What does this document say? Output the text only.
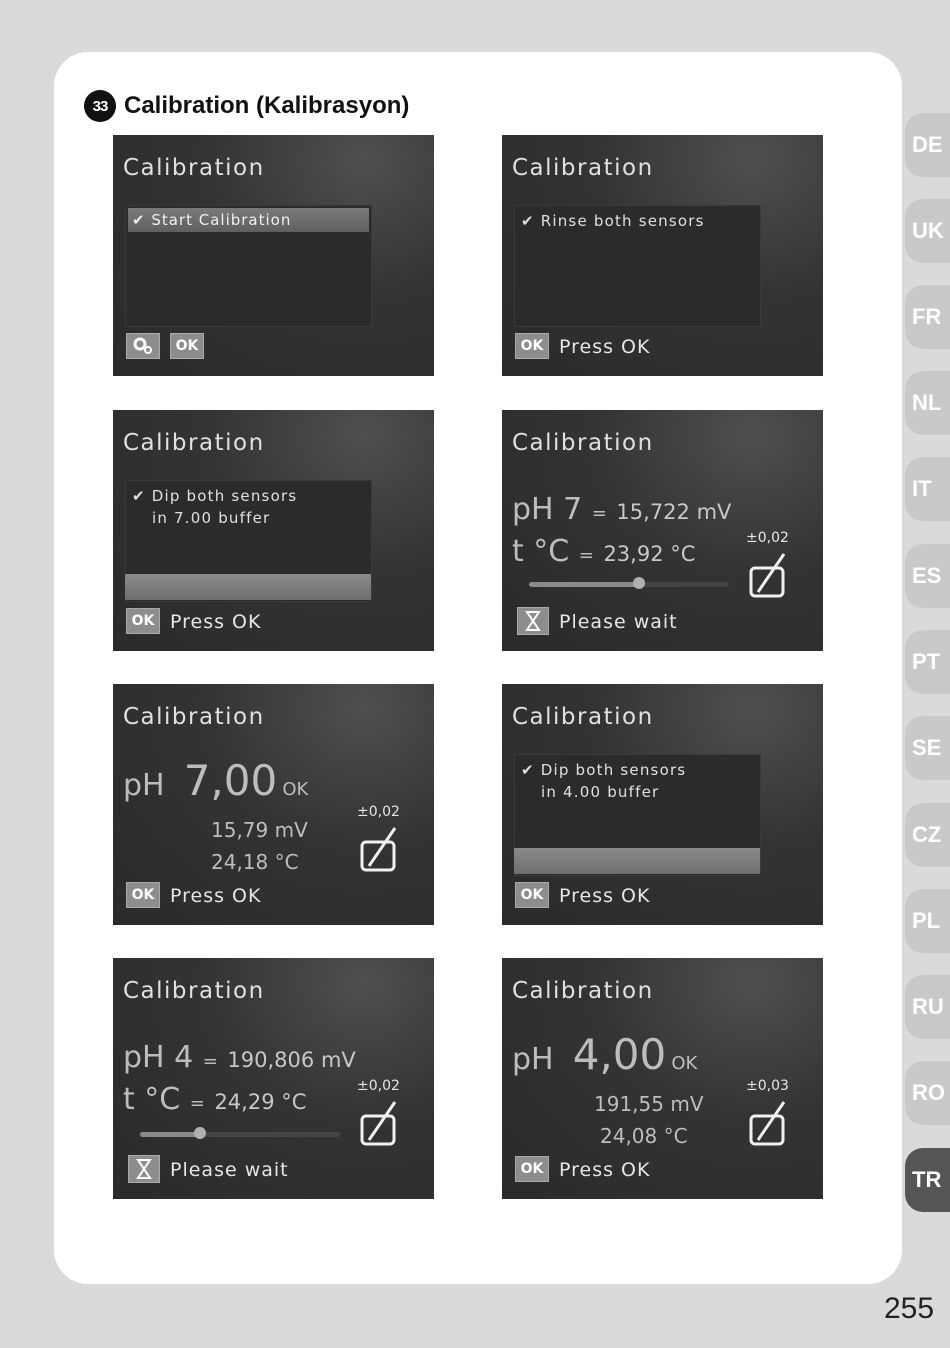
33 Calibration (Kalibrasyon)
Calibration
✔ Start Calibration
OK
Calibration
✔ Rinse both sensors
OK Press OK
Calibration
✔ Dip both sensors
in 7.00 buffer
OK Press OK
Calibration
pH 7 = 15,722 mV
t °C = 23,92 °C
±0,02
Please wait
Calibration
pH 7,00 OK
15,79 mV
24,18 °C
±0,02
OK Press OK
Calibration
✔ Dip both sensors
in 4.00 buffer
OK Press OK
Calibration
pH 4 = 190,806 mV
t °C = 24,29 °C
±0,02
Please wait
Calibration
pH 4,00 OK
191,55 mV
24,08 °C
±0,03
OK Press OK
DE
UK
FR
NL
IT
ES
PT
SE
CZ
PL
RU
RO
TR
255
